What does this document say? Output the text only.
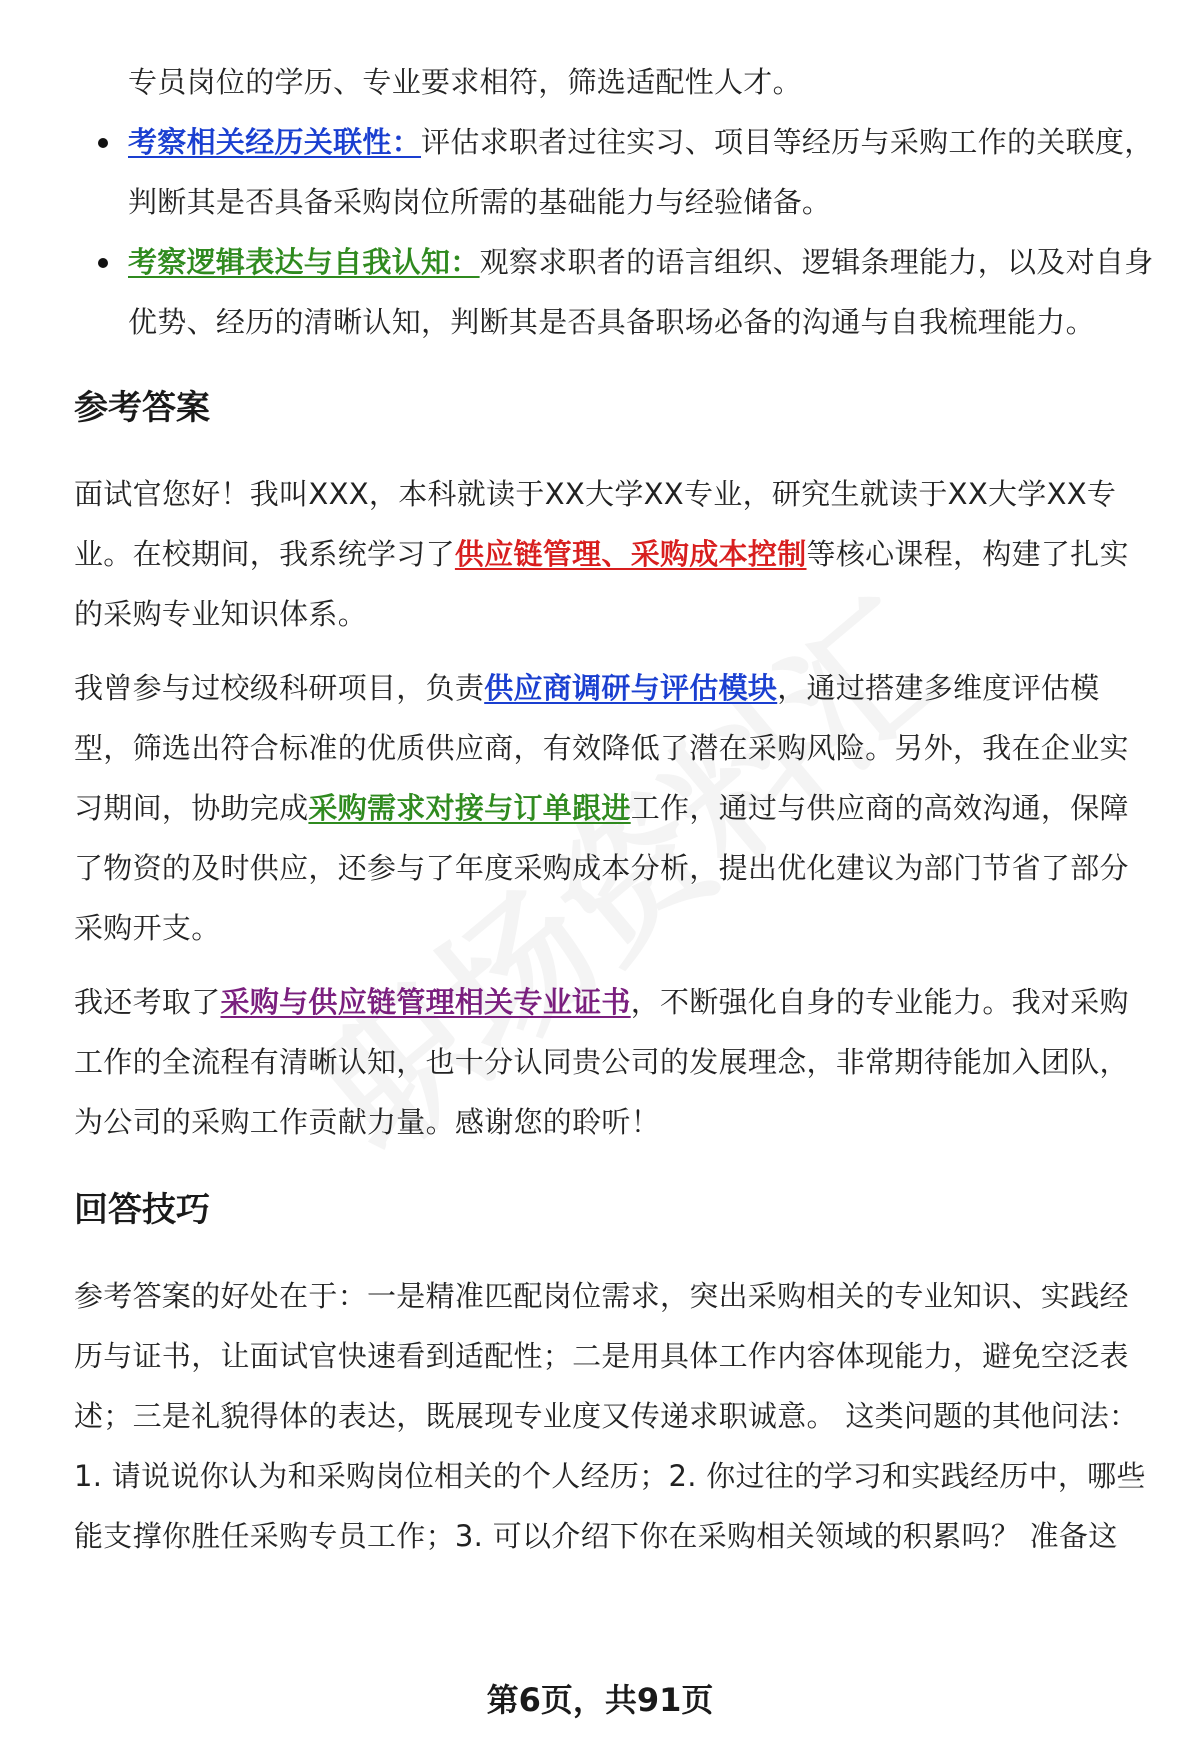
专员岗位的学历、专业要求相符，筛选适配性人才。

考察相关经历关联性：评估求职者过往实习、项目等经历与采购工作的关联度，判断其是否具备采购岗位所需的基础能力与经验储备。
考察逻辑表达与自我认知：观察求职者的语言组织、逻辑条理能力，以及对自身优势、经历的清晰认知，判断其是否具备职场必备的沟通与自我梳理能力。
参考答案

面试官您好！我叫XXX，本科就读于XX大学XX专业，研究生就读于XX大学XX专业。在校期间，我系统学习了供应链管理、采购成本控制等核心课程，构建了扎实的采购专业知识体系。

我曾参与过校级科研项目，负责供应商调研与评估模块，通过搭建多维度评估模型，筛选出符合标准的优质供应商，有效降低了潜在采购风险。另外，我在企业实习期间，协助完成采购需求对接与订单跟进工作，通过与供应商的高效沟通，保障了物资的及时供应，还参与了年度采购成本分析，提出优化建议为部门节省了部分采购开支。

我还考取了采购与供应链管理相关专业证书，不断强化自身的专业能力。我对采购工作的全流程有清晰认知，也十分认同贵公司的发展理念，非常期待能加入团队，为公司的采购工作贡献力量。感谢您的聆听！

回答技巧

参考答案的好处在于：一是精准匹配岗位需求，突出采购相关的专业知识、实践经历与证书，让面试官快速看到适配性；二是用具体工作内容体现能力，避免空泛表述；三是礼貌得体的表达，既展现专业度又传递求职诚意。 这类问题的其他问法：1. 请说说你认为和采购岗位相关的个人经历；2. 你过往的学习和实践经历中，哪些能支撑你胜任采购专员工作；3. 可以介绍下你在采购相关领域的积累吗？ 准备这

第6页，共91页
